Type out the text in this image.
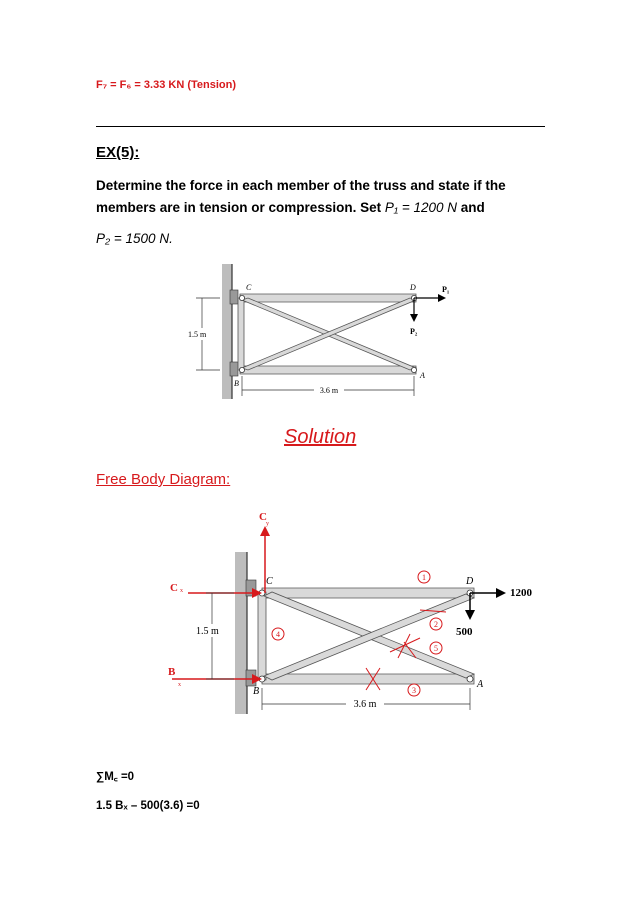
F₇ = F₆ = 3.33 KN (Tension)
EX(5):
Determine the force in each member of the truss and state if the
members are in tension or compression. Set P₁ = 1200 N and
P₂ = 1500 N.
3.6 m
1.5 m
C	D
B
A
P₁
P₂
Solution
Free Body Diagram:
C
y
C x
B
x
1200
500
1.5 m
3.6 m
C	D
B
A
1
2
3
4
5
∑M꜀ =0
1.5 Bₓ – 500(3.6) =0
